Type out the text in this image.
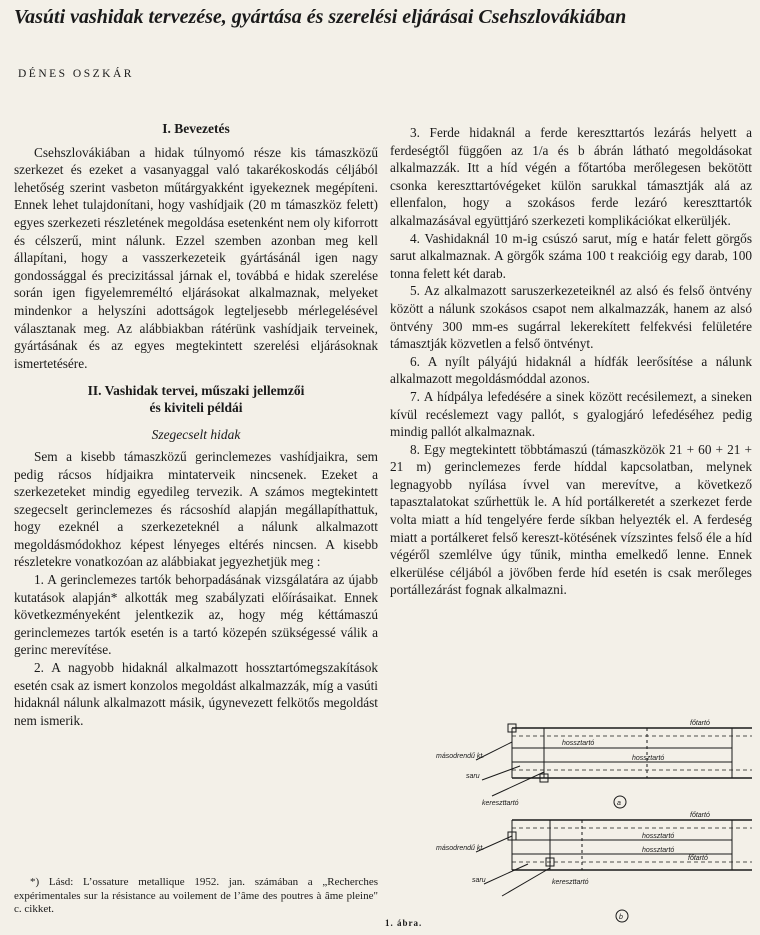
Vasúti vashidak tervezése, gyártása és szerelési eljárásai Csehszlovákiában
DÉNES OSZKÁR
I. Bevezetés

Csehszlovákiában a hidak túlnyomó része kis támaszközű szerkezet és ezeket a vasanyaggal való takarékoskodás céljából lehetőség szerint vasbeton műtárgyakként igyekeznek megépíteni. Ennek lehet tulajdonítani, hogy vashídjaik (20 m támaszköz felett) egyes szerkezeti részletének megoldása esetenként nem oly kiforrott és célszerű, mint nálunk. Ezzel szemben azonban meg kell állapítani, hogy a vasszerkezeteik gyártásánál igen nagy gondossággal és precizitással járnak el, továbbá e hidak szerelése során igen figyelemreméltó eljárásokat alkalmaznak, melyeket mindenkor a helyszíni adottságok legteljesebb mérlegelésével választanak meg. Az alábbiakban rátérünk vashídjaik terveinek, gyártásának és az egyes megtekintett szerelési eljárásoknak ismertetésére.

II. Vashidak tervei, műszaki jellemzői
és kiviteli példái
Szegecselt hidak

Sem a kisebb támaszközű gerinclemezes vashídjaikra, sem pedig rácsos hídjaikra mintaterveik nincsenek. Ezeket a szerkezeteket mindig egyedileg tervezik. A számos megtekintett szegecselt gerinclemezes és rácsoshíd alapján megállapíthattuk, hogy ezeknél a szerkezeteknél a nálunk alkalmazott megoldásmódokhoz képest lényeges eltérés nincsen. A kisebb részletekre vonatkozóan az alábbiakat jegyezhetjük meg :

1. A gerinclemezes tartók behorpadásának vizsgálatára az újabb kutatások alapján* alkották meg szabályzati előírásaikat. Ennek következményeként jelentkezik az, hogy még kéttámaszú gerinclemezes tartók esetén is a tartó közepén szükségessé válik a gerinc merevítése.

2. A nagyobb hidaknál alkalmazott hossztartómegszakítások esetén csak az ismert konzolos megoldást alkalmazzák, míg a vasúti hidaknál nálunk alkalmazott másik, úgynevezett felkötős megoldást nem ismerik.

*) Lásd: L’ossature metallique 1952. jan. számában a „Recherches expérimentales sur la résistance au voilement de l’âme des poutres à âme pleine" c. cikket.

3. Ferde hidaknál a ferde kereszttartós lezárás helyett a ferdeségtől függően az 1/a és b ábrán látható megoldásokat alkalmazzák. Itt a híd végén a főtartóba merőlegesen bekötött csonka kereszttartóvégeket külön sarukkal támasztják alá az ellenfalon, hogy a szokásos ferde lezáró kereszttartók alkalmazásával együttjáró szerkezeti komplikációkat elkerüljék.

4. Vashidaknál 10 m-ig csúszó sarut, míg e határ felett görgős sarut alkalmaznak. A görgők száma 100 t reakcióig egy darab, 100 tonna felett két darab.

5. Az alkalmazott saruszerkezeteiknél az alsó és felső öntvény között a nálunk szokásos csapot nem alkalmazzák, hanem az alsó öntvény 300 mm-es sugárral lekerekített felfekvési felületére támasztják közvetlen a felső öntvényt.

6. A nyílt pályájú hidaknál a hídfák leerősítése a nálunk alkalmazott megoldásmóddal azonos.

7. A hídpálya lefedésére a sinek között recésilemezt, a sineken kívül recéslemezt vagy pallót, s gyalogjáró lefedéséhez pedig mindig pallót alkalmaznak.

8. Egy megtekintett többtámaszú (támaszközök 21 + 60 + 21 + 21 m) gerinclemezes ferde híddal kapcsolatban, melynek legnagyobb nyílása ívvel van merevítve, a következő tapasztalatokat szűrhettük le. A híd portálkeretét a szerkezet ferde volta miatt a híd tengelyére ferde síkban helyezték el. A ferdeség miatt a portálkeret felső kereszt-kötésének vízszintes felső éle a híd végéről szemlélve úgy tűnik, mintha emelkedő lenne. Ennek elkerülése céljából a jövőben ferde híd esetén is csak merőleges portállezárást fognak alkalmazni.

főtartó
hossztartó
hossztartó
másodrendű kt.
saru
kereszttartó	a
főtartó
hossztartó
hossztartó
főtartó
másodrendű kt.
saru	kereszttartó
b
1. ábra.
